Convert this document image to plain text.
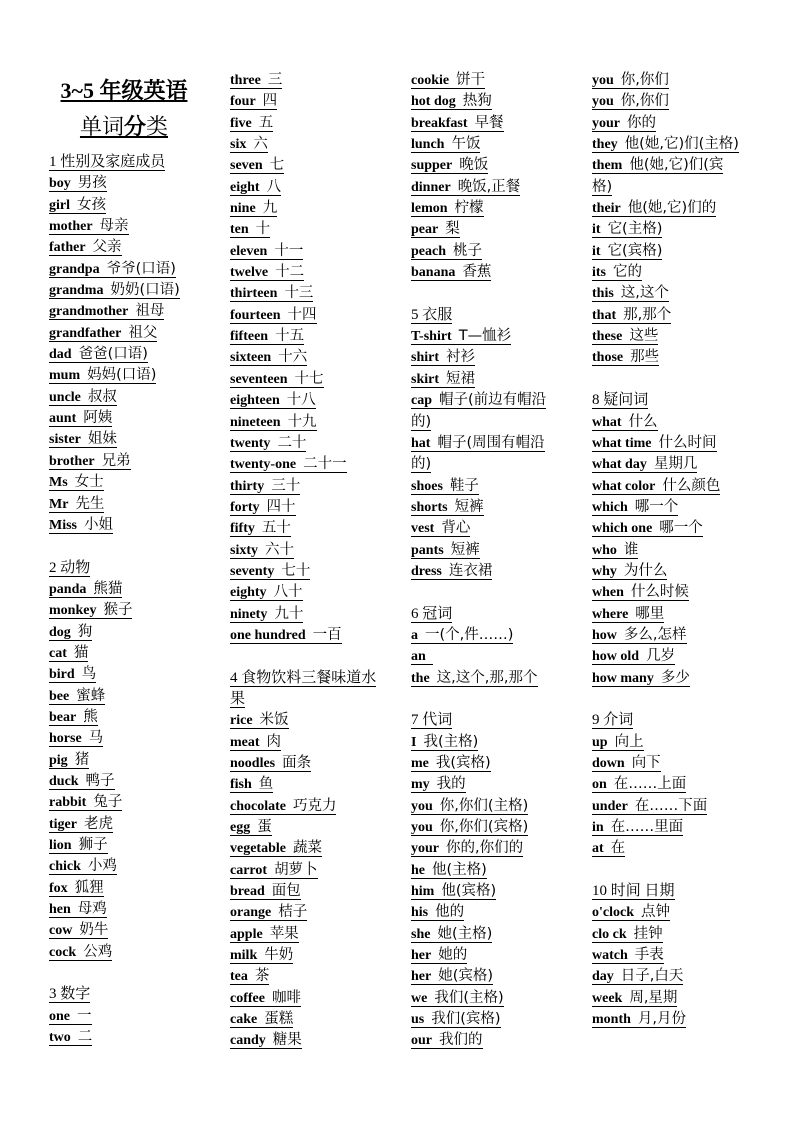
3~5 年级英语
单词分类
1 性别及家庭成员
boy 男孩
girl 女孩
mother 母亲
father 父亲
grandpa 爷爷(口语)
grandma 奶奶(口语)
grandmother 祖母
grandfather 祖父
dad 爸爸(口语)
mum 妈妈(口语)
uncle 叔叔
aunt 阿姨
sister 姐妹
brother 兄弟
Ms 女士
Mr 先生
Miss 小姐
2 动物
panda 熊猫
monkey 猴子
dog 狗
cat 猫
bird 鸟
bee 蜜蜂
bear 熊
horse 马
pig 猪
duck 鸭子
rabbit 兔子
tiger 老虎
lion 狮子
chick 小鸡
fox 狐狸
hen 母鸡
cow 奶牛
cock 公鸡
3 数字
one 一
two 二
three 三
four 四
five 五
six 六
seven 七
eight 八
nine 九
ten 十
eleven 十一
twelve 十二
thirteen 十三
fourteen 十四
fifteen 十五
sixteen 十六
seventeen 十七
eighteen 十八
nineteen 十九
twenty 二十
twenty-one 二十一
thirty 三十
forty 四十
fifty 五十
sixty 六十
seventy 七十
eighty 八十
ninety 九十
one hundred 一百
4 食物饮料三餐味道水果
rice 米饭
meat 肉
noodles 面条
fish 鱼
chocolate 巧克力
egg 蛋
vegetable 蔬菜
carrot 胡萝卜
bread 面包
orange 桔子
apple 苹果
milk 牛奶
tea 茶
coffee 咖啡
cake 蛋糕
candy 糖果
cookie 饼干
hot dog 热狗
breakfast 早餐
lunch 午饭
supper 晚饭
dinner 晚饭,正餐
lemon 柠檬
pear 梨
peach 桃子
banana 香蕉
5 衣服
T-shirt T—恤衫
shirt 衬衫
skirt 短裙
cap 帽子(前边有帽沿的)
hat 帽子(周围有帽沿的)
shoes 鞋子
shorts 短裤
vest 背心
pants 短裤
dress 连衣裙
6 冠词
a 一(个,件……)
an
the 这,这个,那,那个
7 代词
I 我(主格)
me 我(宾格)
my 我的
you 你,你们(主格)
you 你,你们(宾格)
your 你的,你们的
he 他(主格)
him 他(宾格)
his 他的
she 她(主格)
her 她的
her 她(宾格)
we 我们(主格)
us 我们(宾格)
our 我们的
you 你,你们
you 你,你们
your 你的
they 他(她,它)们(主格)
them 他(她,它)们(宾格)
their 他(她,它)们的
it 它(主格)
it 它(宾格)
its 它的
this 这,这个
that 那,那个
these 这些
those 那些
8 疑问词
what 什么
what time 什么时间
what day 星期几
what color 什么颜色
which 哪一个
which one 哪一个
who 谁
why 为什么
when 什么时候
where 哪里
how 多么,怎样
how old 几岁
how many 多少
9 介词
up 向上
down 向下
on 在……上面
under 在……下面
in 在……里面
at 在
10 时间 日期
o'clock 点钟
clo ck 挂钟
watch 手表
day 日子,白天
week 周,星期
month 月,月份
